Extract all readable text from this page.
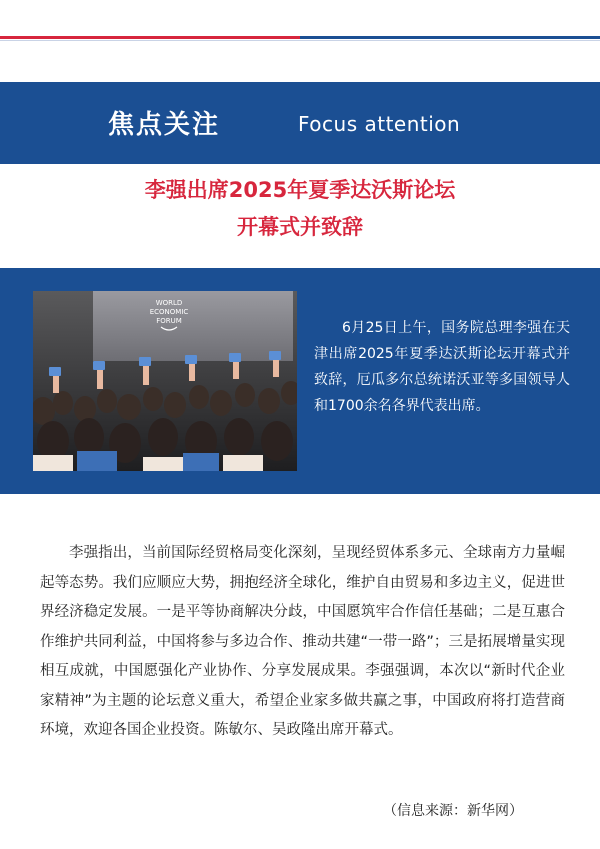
焦点关注	Focus attention
李强出席2025年夏季达沃斯论坛
开幕式并致辞
WORLD
ECONOMIC
FORUM	6月25日上午，国务院总理李强在天津出席2025年夏季达沃斯论坛开幕式并致辞，厄瓜多尔总统诺沃亚等多国领导人和1700余名各界代表出席。

李强指出，当前国际经贸格局变化深刻，呈现经贸体系多元、全球南方力量崛起等态势。我们应顺应大势，拥抱经济全球化，维护自由贸易和多边主义，促进世界经济稳定发展。一是平等协商解决分歧，中国愿筑牢合作信任基础；二是互惠合作维护共同利益，中国将参与多边合作、推动共建“一带一路”；三是拓展增量实现相互成就，中国愿强化产业协作、分享发展成果。李强强调，本次以“新时代企业家精神”为主题的论坛意义重大，希望企业家多做共赢之事，中国政府将打造营商环境，欢迎各国企业投资。陈敏尔、吴政隆出席开幕式。

（信息来源：新华网）
